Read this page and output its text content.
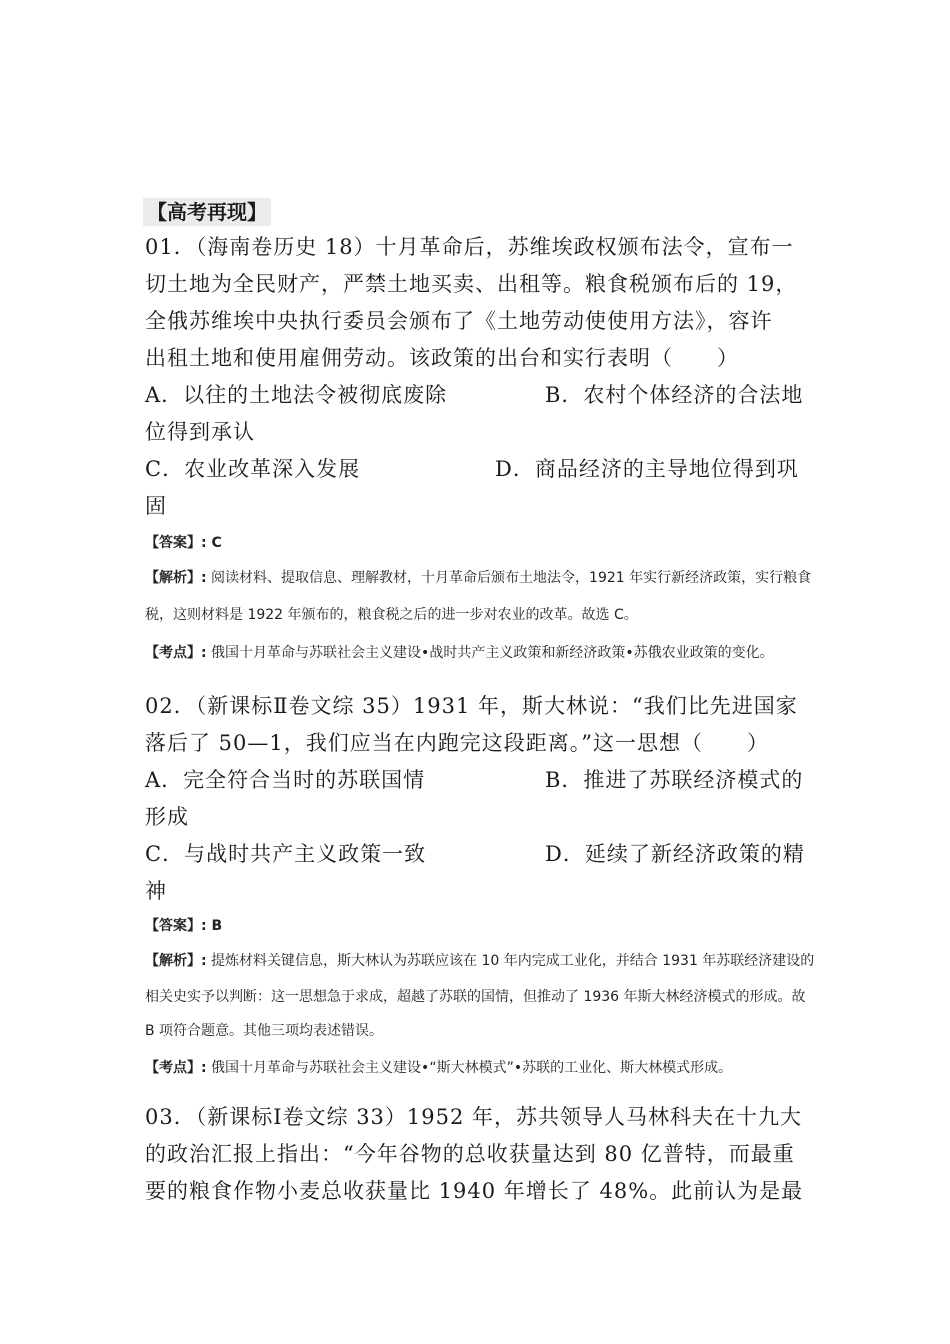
【高考再现】
01．（海南卷历史 18）十月革命后，苏维埃政权颁布法令，宣布一
切土地为全民财产，严禁土地买卖、出租等。粮食税颁布后的 19，
全俄苏维埃中央执行委员会颁布了《土地劳动使使用方法》，容许
出租土地和使用雇佣劳动。该政策的出台和实行表明（　　）
A．以往的土地法令被彻底废除	B．农村个体经济的合法地
位得到承认
C．农业改革深入发展	D．商品经济的主导地位得到巩
固
【答案】: C
【解析】: 阅读材料、提取信息、理解教材，十月革命后颁布土地法令，1921 年实行新经济政策，实行粮食
税，这则材料是 1922 年颁布的，粮食税之后的进一步对农业的改革。故选 C。
【考点】: 俄国十月革命与苏联社会主义建设•战时共产主义政策和新经济政策•苏俄农业政策的变化。
02．（新课标Ⅱ卷文综 35）1931 年，斯大林说：“我们比先进国家
落后了 50—1，我们应当在内跑完这段距离。”这一思想（　　）
A．完全符合当时的苏联国情	B．推进了苏联经济模式的
形成
C．与战时共产主义政策一致	D．延续了新经济政策的精
神
【答案】: B
【解析】: 提炼材料关键信息，斯大林认为苏联应该在 10 年内完成工业化，并结合 1931 年苏联经济建设的
相关史实予以判断：这一思想急于求成，超越了苏联的国情，但推动了 1936 年斯大林经济模式的形成。故
B 项符合题意。其他三项均表述错误。
【考点】: 俄国十月革命与苏联社会主义建设•“斯大林模式”•苏联的工业化、斯大林模式形成。
03．（新课标Ⅰ卷文综 33）1952 年，苏共领导人马林科夫在十九大
的政治汇报上指出：“今年谷物的总收获量达到 80 亿普特，而最重
要的粮食作物小麦总收获量比 1940 年增长了 48%。此前认为是最
